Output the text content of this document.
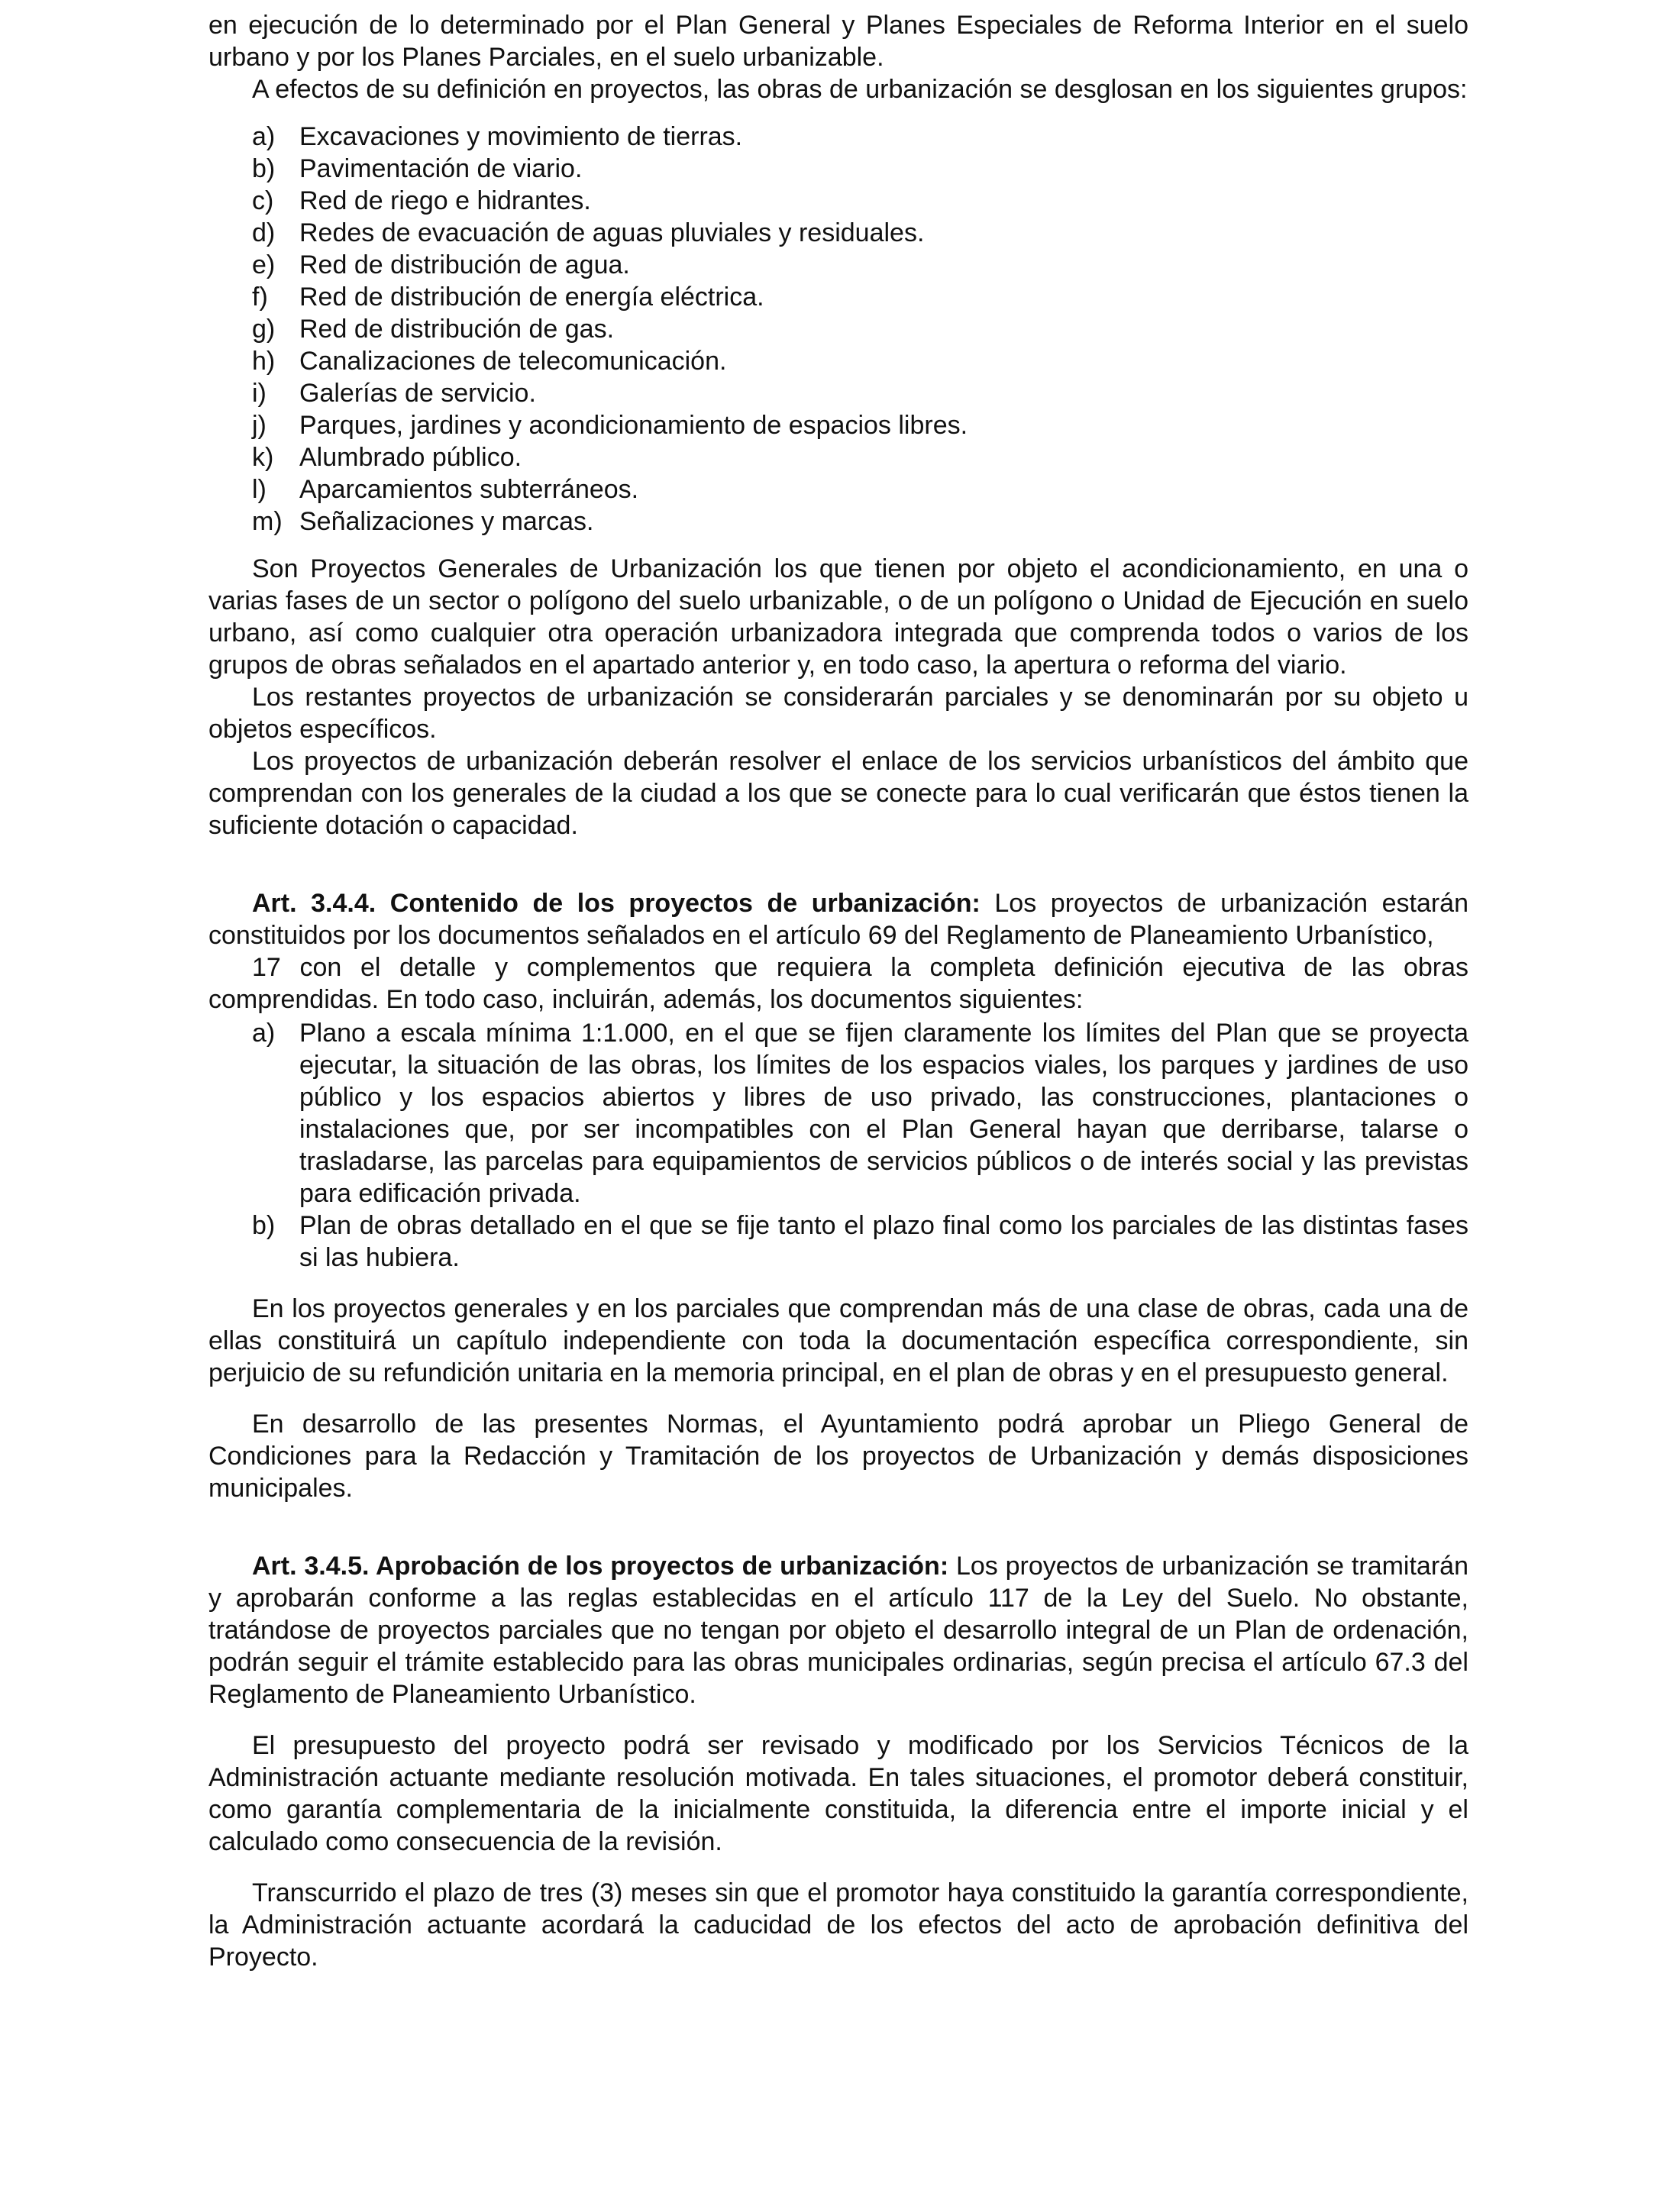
en ejecución de lo determinado por el Plan General y Planes Especiales de Reforma Interior en el suelo urbano y por los Planes Parciales, en el suelo urbanizable.

A efectos de su definición en proyectos, las obras de urbanización se desglosan en los siguientes grupos:

a) Excavaciones y movimiento de tierras.
b) Pavimentación de viario.
c) Red de riego e hidrantes.
d) Redes de evacuación de aguas pluviales y residuales.
e) Red de distribución de agua.
f)	Red de distribución de energía eléctrica.
g) Red de distribución de gas.
h) Canalizaciones de telecomunicación.
i)	Galerías de servicio.
j)	Parques, jardines y acondicionamiento de espacios libres.
k) Alumbrado público.
l)	Aparcamientos subterráneos.
m) Señalizaciones y marcas.

Son Proyectos Generales de Urbanización los que tienen por objeto el acondicionamiento, en una o varias fases de un sector o polígono del suelo urbanizable, o de un polígono o Unidad de Ejecución en suelo urbano, así como cualquier otra operación urbanizadora integrada que comprenda todos o varios de los grupos de obras señalados en el apartado anterior y, en todo caso, la apertura o reforma del viario.

Los restantes proyectos de urbanización se considerarán parciales y se denominarán por su objeto u objetos específicos.

Los proyectos de urbanización deberán resolver el enlace de los servicios urbanísticos del ámbito que comprendan con los generales de la ciudad a los que se conecte para lo cual verificarán que éstos tienen la suficiente dotación o capacidad.

Art. 3.4.4. Contenido de los proyectos de urbanización: Los proyectos de urbanización estarán constituidos por los documentos señalados en el artículo 69 del Reglamento de Planeamiento Urbanístico,

17 con el detalle y complementos que requiera la completa definición ejecutiva de las obras comprendidas. En todo caso, incluirán, además, los documentos siguientes:

a) Plano a escala mínima 1:1.000, en el que se fijen claramente los límites del Plan que se proyecta ejecutar, la situación de las obras, los límites de los espacios viales, los parques y jardines de uso público y los espacios abiertos y libres de uso privado, las construcciones, plantaciones o instalaciones que, por ser incompatibles con el Plan General hayan que derribarse, talarse o trasladarse, las parcelas para equipamientos de servicios públicos o de interés social y las previstas para edificación privada.
b) Plan de obras detallado en el que se fije tanto el plazo final como los parciales de las distintas fases si las hubiera.

En los proyectos generales y en los parciales que comprendan más de una clase de obras, cada una de ellas constituirá un capítulo independiente con toda la documentación específica correspondiente, sin perjuicio de su refundición unitaria en la memoria principal, en el plan de obras y en el presupuesto general.

En desarrollo de las presentes Normas, el Ayuntamiento podrá aprobar un Pliego General de Condiciones para la Redacción y Tramitación de los proyectos de Urbanización y demás disposiciones municipales.

Art. 3.4.5. Aprobación de los proyectos de urbanización: Los proyectos de urbanización se tramitarán y aprobarán conforme a las reglas establecidas en el artículo 117 de la Ley del Suelo. No obstante, tratándose de proyectos parciales que no tengan por objeto el desarrollo integral de un Plan de ordenación, podrán seguir el trámite establecido para las obras municipales ordinarias, según precisa el artículo 67.3 del Reglamento de Planeamiento Urbanístico.

El presupuesto del proyecto podrá ser revisado y modificado por los Servicios Técnicos de la Administración actuante mediante resolución motivada. En tales situaciones, el promotor deberá constituir, como garantía complementaria de la inicialmente constituida, la diferencia entre el importe inicial y el calculado como consecuencia de la revisión.

Transcurrido el plazo de tres (3) meses sin que el promotor haya constituido la garantía correspondiente, la Administración actuante acordará la caducidad de los efectos del acto de aprobación definitiva del Proyecto.
